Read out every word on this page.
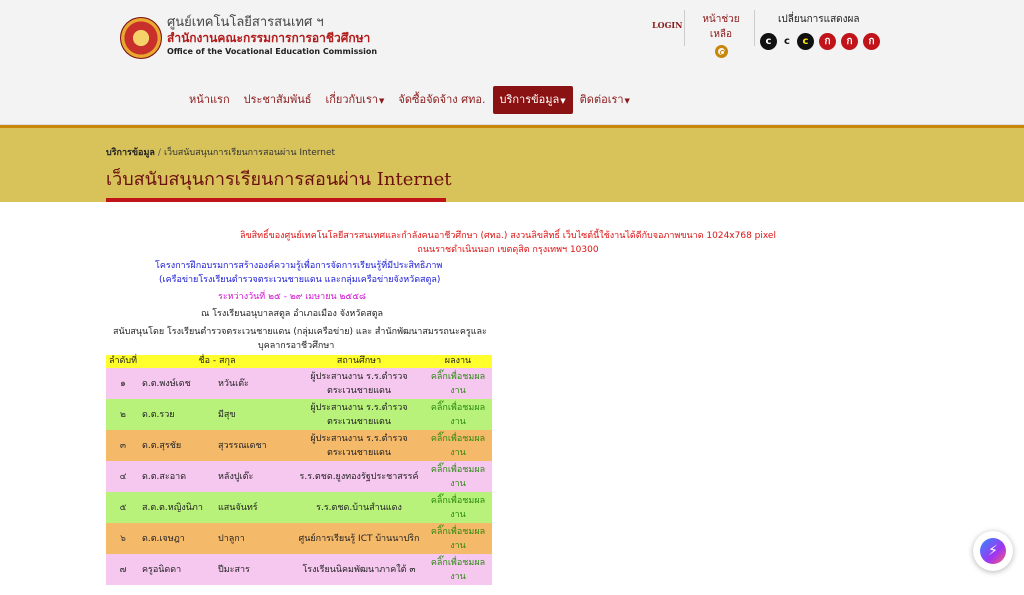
ศูนย์เทคโนโลยีสารสนเทศ ฯ
สำนักงานคณะกรรมการการอาชีวศึกษา
Office of the Vocational Education Commission
LOGIN	หน้าช่วยเหลือ
เปลี่ยนการแสดงผล
c	c	c	ก	ก	ก
หน้าแรก	ประชาสัมพันธ์	เกี่ยวกับเรา▼	จัดซื้อจัดจ้าง ศทอ.	บริการข้อมูล▼	ติดต่อเรา▼
บริการข้อมูล / เว็บสนับสนุนการเรียนการสอนผ่าน Internet
เว็บสนับสนุนการเรียนการสอนผ่าน Internet
ลิขสิทธิ์ของศูนย์เทคโนโลยีสารสนเทศและกำลังคนอาชีวศึกษา (ศทอ.) สงวนลิขสิทธิ์ เว็บไซต์นี้ใช้งานได้ดีกับจอภาพขนาด 1024x768 pixel
ถนนราชดำเนินนอก เขตดุสิต กรุงเทพฯ 10300
โครงการฝึกอบรมการสร้างองค์ความรู้เพื่อการจัดการเรียนรู้ที่มีประสิทธิภาพ
(เครือข่ายโรงเรียนตำรวจตระเวนชายแดน และกลุ่มเครือข่ายจังหวัดสตูล)
ระหว่างวันที่ ๒๕ - ๒๙ เมษายน ๒๕๕๘
ณ โรงเรียนอนุบาลสตูล อำเภอเมือง จังหวัดสตูล
สนับสนุนโดย โรงเรียนตำรวจตระเวนชายแดน (กลุ่มเครือข่าย) และ สำนักพัฒนาสมรรถนะครูและ
บุคลากรอาชีวศึกษา
ลำดับที่	ชื่อ - สกุล		สถานศึกษา	ผลงาน
๑	ด.ต.พงษ์เดช	หวันเต๊ะ	ผู้ประสานงาน ร.ร.ตำรวจตระเวนชายแดน	คลิ๊กเพื่อชมผลงาน
๒	ด.ต.รวย	มีสุข	ผู้ประสานงาน ร.ร.ตำรวจตระเวนชายแดน	คลิ๊กเพื่อชมผลงาน
๓	ด.ต.สุรชัย	สุวรรณเดชา	ผู้ประสานงาน ร.ร.ตำรวจตระเวนชายแดน	คลิ๊กเพื่อชมผลงาน
๔	ด.ต.สะอาด	หลังปูเต๊ะ	ร.ร.ตชด.ยูงทองรัฐประชาสรรค์	คลิ๊กเพื่อชมผลงาน
๕	ส.ต.ต.หญิงนิภา	แสนจันทร์	ร.ร.ตชด.บ้านสำนแดง	คลิ๊กเพื่อชมผลงาน
๖	ด.ต.เจษฎา	ปาลูกา	ศูนย์การเรียนรู้ ICT บ้านนาปริก	คลิ๊กเพื่อชมผลงาน
๗	ครูอนิดดา	ปีมะสาร	โรงเรียนนิคมพัฒนาภาคใต้ ๓	คลิ๊กเพื่อชมผลงาน
⚡
